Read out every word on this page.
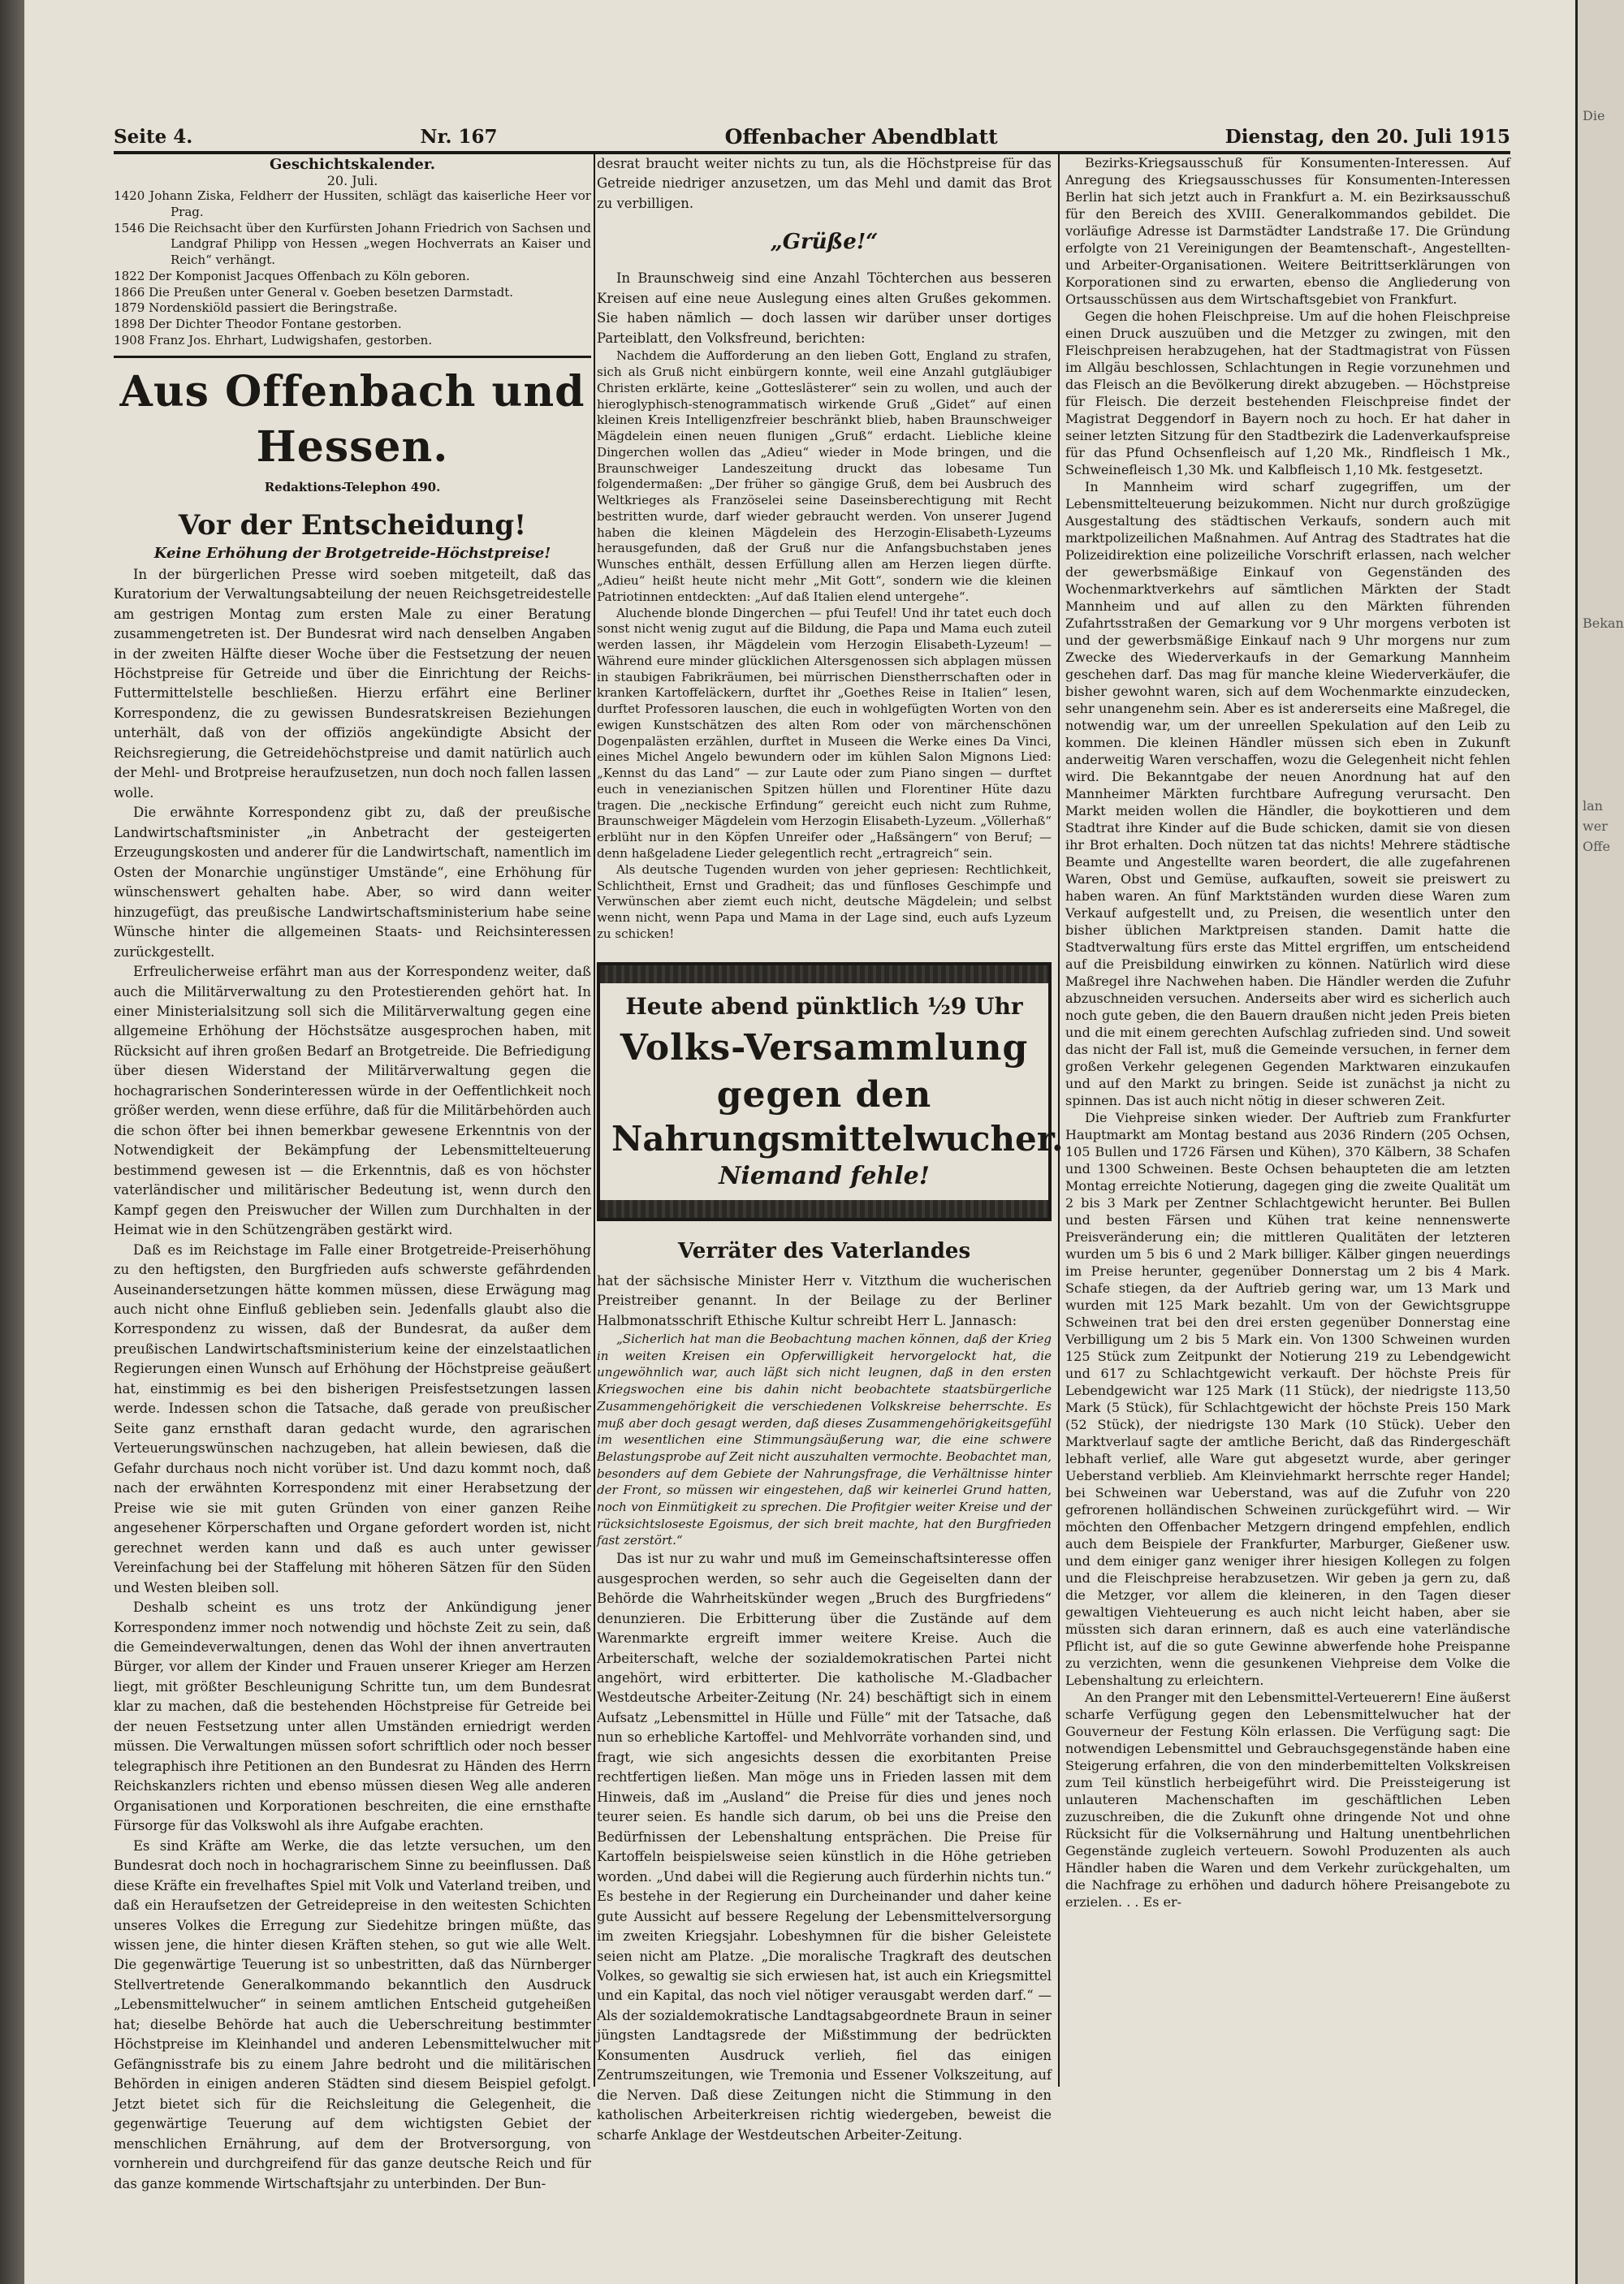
Seite 4.	Nr. 167	Offenbacher Abendblatt	Dienstag, den 20. Juli 1915
Geschichtskalender.
20. Juli.

1420 Johann Ziska, Feldherr der Hussiten, schlägt das kaiserliche Heer vor Prag.

1546 Die Reichsacht über den Kurfürsten Johann Friedrich von Sachsen und Landgraf Philipp von Hessen „wegen Hochverrats an Kaiser und Reich“ verhängt.

1822 Der Komponist Jacques Offenbach zu Köln geboren.

1866 Die Preußen unter General v. Goeben besetzen Darmstadt.

1879 Nordenskiöld passiert die Beringstraße.

1898 Der Dichter Theodor Fontane gestorben.

1908 Franz Jos. Ehrhart, Ludwigshafen, gestorben.

Aus Offenbach und Hessen.
Redaktions-Telephon 490.
Vor der Entscheidung!
Keine Erhöhung der Brotgetreide-Höchstpreise!

In der bürgerlichen Presse wird soeben mitgeteilt, daß das Kuratorium der Verwaltungsabteilung der neuen Reichsgetreidestelle am gestrigen Montag zum ersten Male zu einer Beratung zusammengetreten ist. Der Bundesrat wird nach denselben Angaben in der zweiten Hälfte dieser Woche über die Festsetzung der neuen Höchstpreise für Getreide und über die Einrichtung der Reichs-Futtermittelstelle beschließen. Hierzu erfährt eine Berliner Korrespondenz, die zu gewissen Bundesratskreisen Beziehungen unterhält, daß von der offiziös angekündigte Absicht der Reichsregierung, die Getreidehöchstpreise und damit natürlich auch der Mehl- und Brotpreise heraufzusetzen, nun doch noch fallen lassen wolle.

Die erwähnte Korrespondenz gibt zu, daß der preußische Landwirtschaftsminister „in Anbetracht der gesteigerten Erzeugungskosten und anderer für die Landwirtschaft, namentlich im Osten der Monarchie ungünstiger Umstände“, eine Erhöhung für wünschenswert gehalten habe. Aber, so wird dann weiter hinzugefügt, das preußische Landwirtschaftsministerium habe seine Wünsche hinter die allgemeinen Staats- und Reichsinteressen zurückgestellt.

Erfreulicherweise erfährt man aus der Korrespondenz weiter, daß auch die Militärverwaltung zu den Protestierenden gehört hat. In einer Ministerialsitzung soll sich die Militärverwaltung gegen eine allgemeine Erhöhung der Höchstsätze ausgesprochen haben, mit Rücksicht auf ihren großen Bedarf an Brotgetreide. Die Befriedigung über diesen Widerstand der Militärverwaltung gegen die hochagrarischen Sonderinteressen würde in der Oeffentlichkeit noch größer werden, wenn diese erführe, daß für die Militärbehörden auch die schon öfter bei ihnen bemerkbar gewesene Erkenntnis von der Notwendigkeit der Bekämpfung der Lebensmittelteuerung bestimmend gewesen ist — die Erkenntnis, daß es von höchster vaterländischer und militärischer Bedeutung ist, wenn durch den Kampf gegen den Preiswucher der Willen zum Durchhalten in der Heimat wie in den Schützengräben gestärkt wird.

Daß es im Reichstage im Falle einer Brotgetreide-Preiserhöhung zu den heftigsten, den Burgfrieden aufs schwerste gefährdenden Auseinandersetzungen hätte kommen müssen, diese Erwägung mag auch nicht ohne Einfluß geblieben sein. Jedenfalls glaubt also die Korrespondenz zu wissen, daß der Bundesrat, da außer dem preußischen Landwirtschaftsministerium keine der einzelstaatlichen Regierungen einen Wunsch auf Erhöhung der Höchstpreise geäußert hat, einstimmig es bei den bisherigen Preisfestsetzungen lassen werde. Indessen schon die Tatsache, daß gerade von preußischer Seite ganz ernsthaft daran gedacht wurde, den agrarischen Verteuerungswünschen nachzugeben, hat allein bewiesen, daß die Gefahr durchaus noch nicht vorüber ist. Und dazu kommt noch, daß nach der erwähnten Korrespondenz mit einer Herabsetzung der Preise wie sie mit guten Gründen von einer ganzen Reihe angesehener Körperschaften und Organe gefordert worden ist, nicht gerechnet werden kann und daß es auch unter gewisser Vereinfachung bei der Staffelung mit höheren Sätzen für den Süden und Westen bleiben soll.

Deshalb scheint es uns trotz der Ankündigung jener Korrespondenz immer noch notwendig und höchste Zeit zu sein, daß die Gemeindeverwaltungen, denen das Wohl der ihnen anvertrauten Bürger, vor allem der Kinder und Frauen unserer Krieger am Herzen liegt, mit größter Beschleunigung Schritte tun, um dem Bundesrat klar zu machen, daß die bestehenden Höchstpreise für Getreide bei der neuen Festsetzung unter allen Umständen erniedrigt werden müssen. Die Verwaltungen müssen sofort schriftlich oder noch besser telegraphisch ihre Petitionen an den Bundesrat zu Händen des Herrn Reichskanzlers richten und ebenso müssen diesen Weg alle anderen Organisationen und Korporationen beschreiten, die eine ernsthafte Fürsorge für das Volkswohl als ihre Aufgabe erachten.

Es sind Kräfte am Werke, die das letzte versuchen, um den Bundesrat doch noch in hochagrarischem Sinne zu beeinflussen. Daß diese Kräfte ein frevelhaftes Spiel mit Volk und Vaterland treiben, und daß ein Heraufsetzen der Getreidepreise in den weitesten Schichten unseres Volkes die Erregung zur Siedehitze bringen müßte, das wissen jene, die hinter diesen Kräften stehen, so gut wie alle Welt. Die gegenwärtige Teuerung ist so unbestritten, daß das Nürnberger Stellvertretende Generalkommando bekanntlich den Ausdruck „Lebensmittelwucher“ in seinem amtlichen Entscheid gutgeheißen hat; dieselbe Behörde hat auch die Ueberschreitung bestimmter Höchstpreise im Kleinhandel und anderen Lebensmittelwucher mit Gefängnisstrafe bis zu einem Jahre bedroht und die militärischen Behörden in einigen anderen Städten sind diesem Beispiel gefolgt. Jetzt bietet sich für die Reichsleitung die Gelegenheit, die gegenwärtige Teuerung auf dem wichtigsten Gebiet der menschlichen Ernährung, auf dem der Brotversorgung, von vornherein und durchgreifend für das ganze deutsche Reich und für das ganze kommende Wirtschaftsjahr zu unterbinden. Der Bun-

desrat braucht weiter nichts zu tun, als die Höchstpreise für das Getreide niedriger anzusetzen, um das Mehl und damit das Brot zu verbilligen.

„Grüße!“

In Braunschweig sind eine Anzahl Töchterchen aus besseren Kreisen auf eine neue Auslegung eines alten Grußes gekommen. Sie haben nämlich — doch lassen wir darüber unser dortiges Parteiblatt, den Volksfreund, berichten:

Nachdem die Aufforderung an den lieben Gott, England zu strafen, sich als Gruß nicht einbürgern konnte, weil eine Anzahl gutgläubiger Christen erklärte, keine „Gotteslästerer“ sein zu wollen, und auch der hieroglyphisch-stenogrammatisch wirkende Gruß „Gidet“ auf einen kleinen Kreis Intelligenzfreier beschränkt blieb, haben Braunschweiger Mägdelein einen neuen flunigen „Gruß“ erdacht. Liebliche kleine Dingerchen wollen das „Adieu“ wieder in Mode bringen, und die Braunschweiger Landeszeitung druckt das lobesame Tun folgendermaßen: „Der früher so gängige Gruß, dem bei Ausbruch des Weltkrieges als Französelei seine Daseinsberechtigung mit Recht bestritten wurde, darf wieder gebraucht werden. Von unserer Jugend haben die kleinen Mägdelein des Herzogin-Elisabeth-Lyzeums herausgefunden, daß der Gruß nur die Anfangsbuchstaben jenes Wunsches enthält, dessen Erfüllung allen am Herzen liegen dürfte. „Adieu“ heißt heute nicht mehr „Mit Gott“, sondern wie die kleinen Patriotinnen entdeckten: „Auf daß Italien elend untergehe“.

Aluchende blonde Dingerchen — pfui Teufel! Und ihr tatet euch doch sonst nicht wenig zugut auf die Bildung, die Papa und Mama euch zuteil werden lassen, ihr Mägdelein vom Herzogin Elisabeth-Lyzeum! — Während eure minder glücklichen Altersgenossen sich abplagen müssen in staubigen Fabrikräumen, bei mürrischen Dienstherrschaften oder in kranken Kartoffeläckern, durftet ihr „Goethes Reise in Italien“ lesen, durftet Professoren lauschen, die euch in wohlgefügten Worten von den ewigen Kunstschätzen des alten Rom oder von märchenschönen Dogenpalästen erzählen, durftet in Museen die Werke eines Da Vinci, eines Michel Angelo bewundern oder im kühlen Salon Mignons Lied: „Kennst du das Land“ — zur Laute oder zum Piano singen — durftet euch in venezianischen Spitzen hüllen und Florentiner Hüte dazu tragen. Die „neckische Erfindung“ gereicht euch nicht zum Ruhme, Braunschweiger Mägdelein vom Herzogin Elisabeth-Lyzeum. „Völlerhaß“ erblüht nur in den Köpfen Unreifer oder „Haßsängern“ von Beruf; — denn haßgeladene Lieder gelegentlich recht „ertragreich“ sein.

Als deutsche Tugenden wurden von jeher gepriesen: Rechtlichkeit, Schlichtheit, Ernst und Gradheit; das und fünfloses Geschimpfe und Verwünschen aber ziemt euch nicht, deutsche Mägdelein; und selbst wenn nicht, wenn Papa und Mama in der Lage sind, euch aufs Lyzeum zu schicken!

Heute abend pünktlich ½9 Uhr
Volks-Versammlung gegen den
Nahrungsmittelwucher.
Niemand fehle!
Verräter des Vaterlandes

hat der sächsische Minister Herr v. Vitzthum die wucherischen Preistreiber genannt. In der Beilage zu der Berliner Halbmonatsschrift Ethische Kultur schreibt Herr L. Jannasch:

„Sicherlich hat man die Beobachtung machen können, daß der Krieg in weiten Kreisen ein Opferwilligkeit hervorgelockt hat, die ungewöhnlich war, auch läßt sich nicht leugnen, daß in den ersten Kriegswochen eine bis dahin nicht beobachtete staatsbürgerliche Zusammengehörigkeit die verschiedenen Volkskreise beherrschte. Es muß aber doch gesagt werden, daß dieses Zusammengehörigkeitsgefühl im wesentlichen eine Stimmungsäußerung war, die eine schwere Belastungsprobe auf Zeit nicht auszuhalten vermochte. Beobachtet man, besonders auf dem Gebiete der Nahrungsfrage, die Verhältnisse hinter der Front, so müssen wir eingestehen, daß wir keinerlei Grund hatten, noch von Einmütigkeit zu sprechen. Die Profitgier weiter Kreise und der rücksichtsloseste Egoismus, der sich breit machte, hat den Burgfrieden fast zerstört.“

Das ist nur zu wahr und muß im Gemeinschaftsinteresse offen ausgesprochen werden, so sehr auch die Gegeiselten dann der Behörde die Wahrheitskünder wegen „Bruch des Burgfriedens“ denunzieren. Die Erbitterung über die Zustände auf dem Warenmarkte ergreift immer weitere Kreise. Auch die Arbeiterschaft, welche der sozialdemokratischen Partei nicht angehört, wird erbitterter. Die katholische M.-Gladbacher Westdeutsche Arbeiter-Zeitung (Nr. 24) beschäftigt sich in einem Aufsatz „Lebensmittel in Hülle und Fülle“ mit der Tatsache, daß nun so erhebliche Kartoffel- und Mehlvorräte vorhanden sind, und fragt, wie sich angesichts dessen die exorbitanten Preise rechtfertigen ließen. Man möge uns in Frieden lassen mit dem Hinweis, daß im „Ausland“ die Preise für dies und jenes noch teurer seien. Es handle sich darum, ob bei uns die Preise den Bedürfnissen der Lebenshaltung entsprächen. Die Preise für Kartoffeln beispielsweise seien künstlich in die Höhe getrieben worden. „Und dabei will die Regierung auch fürderhin nichts tun.“ Es bestehe in der Regierung ein Durcheinander und daher keine gute Aussicht auf bessere Regelung der Lebensmittelversorgung im zweiten Kriegsjahr. Lobeshymnen für die bisher Geleistete seien nicht am Platze. „Die moralische Tragkraft des deutschen Volkes, so gewaltig sie sich erwiesen hat, ist auch ein Kriegsmittel und ein Kapital, das noch viel nötiger verausgabt werden darf.“ — Als der sozialdemokratische Landtagsabgeordnete Braun in seiner jüngsten Landtagsrede der Mißstimmung der bedrückten Konsumenten Ausdruck verlieh, fiel das einigen Zentrumszeitungen, wie Tremonia und Essener Volkszeitung, auf die Nerven. Daß diese Zeitungen nicht die Stimmung in den katholischen Arbeiterkreisen richtig wiedergeben, beweist die scharfe Anklage der Westdeutschen Arbeiter-Zeitung.

Bezirks-Kriegsausschuß für Konsumenten-Interessen. Auf Anregung des Kriegsausschusses für Konsumenten-Interessen Berlin hat sich jetzt auch in Frankfurt a. M. ein Bezirksausschuß für den Bereich des XVIII. Generalkommandos gebildet. Die vorläufige Adresse ist Darmstädter Landstraße 17. Die Gründung erfolgte von 21 Vereinigungen der Beamtenschaft-, Angestellten- und Arbeiter-Organisationen. Weitere Beitrittserklärungen von Korporationen sind zu erwarten, ebenso die Angliederung von Ortsausschüssen aus dem Wirtschaftsgebiet von Frankfurt.

Gegen die hohen Fleischpreise. Um auf die hohen Fleischpreise einen Druck auszuüben und die Metzger zu zwingen, mit den Fleischpreisen herabzugehen, hat der Stadtmagistrat von Füssen im Allgäu beschlossen, Schlachtungen in Regie vorzunehmen und das Fleisch an die Bevölkerung direkt abzugeben. — Höchstpreise für Fleisch. Die derzeit bestehenden Fleischpreise findet der Magistrat Deggendorf in Bayern noch zu hoch. Er hat daher in seiner letzten Sitzung für den Stadtbezirk die Ladenverkaufspreise für das Pfund Ochsenfleisch auf 1,20 Mk., Rindfleisch 1 Mk., Schweinefleisch 1,30 Mk. und Kalbfleisch 1,10 Mk. festgesetzt.

In Mannheim wird scharf zugegriffen, um der Lebensmittelteuerung beizukommen. Nicht nur durch großzügige Ausgestaltung des städtischen Verkaufs, sondern auch mit marktpolizeilichen Maßnahmen. Auf Antrag des Stadtrates hat die Polizeidirektion eine polizeiliche Vorschrift erlassen, nach welcher der gewerbsmäßige Einkauf von Gegenständen des Wochenmarktverkehrs auf sämtlichen Märkten der Stadt Mannheim und auf allen zu den Märkten führenden Zufahrtsstraßen der Gemarkung vor 9 Uhr morgens verboten ist und der gewerbsmäßige Einkauf nach 9 Uhr morgens nur zum Zwecke des Wiederverkaufs in der Gemarkung Mannheim geschehen darf. Das mag für manche kleine Wiederverkäufer, die bisher gewohnt waren, sich auf dem Wochenmarkte einzudecken, sehr unangenehm sein. Aber es ist andererseits eine Maßregel, die notwendig war, um der unreellen Spekulation auf den Leib zu kommen. Die kleinen Händler müssen sich eben in Zukunft anderweitig Waren verschaffen, wozu die Gelegenheit nicht fehlen wird. Die Bekanntgabe der neuen Anordnung hat auf den Mannheimer Märkten furchtbare Aufregung verursacht. Den Markt meiden wollen die Händler, die boykottieren und dem Stadtrat ihre Kinder auf die Bude schicken, damit sie von diesen ihr Brot erhalten. Doch nützen tat das nichts! Mehrere städtische Beamte und Angestellte waren beordert, die alle zugefahrenen Waren, Obst und Gemüse, aufkauften, soweit sie preiswert zu haben waren. An fünf Marktständen wurden diese Waren zum Verkauf aufgestellt und, zu Preisen, die wesentlich unter den bisher üblichen Marktpreisen standen. Damit hatte die Stadtverwaltung fürs erste das Mittel ergriffen, um entscheidend auf die Preisbildung einwirken zu können. Natürlich wird diese Maßregel ihre Nachwehen haben. Die Händler werden die Zufuhr abzuschneiden versuchen. Anderseits aber wird es sicherlich auch noch gute geben, die den Bauern draußen nicht jeden Preis bieten und die mit einem gerechten Aufschlag zufrieden sind. Und soweit das nicht der Fall ist, muß die Gemeinde versuchen, in ferner dem großen Verkehr gelegenen Gegenden Marktwaren einzukaufen und auf den Markt zu bringen. Seide ist zunächst ja nicht zu spinnen. Das ist auch nicht nötig in dieser schweren Zeit.

Die Viehpreise sinken wieder. Der Auftrieb zum Frankfurter Hauptmarkt am Montag bestand aus 2036 Rindern (205 Ochsen, 105 Bullen und 1726 Färsen und Kühen), 370 Kälbern, 38 Schafen und 1300 Schweinen. Beste Ochsen behaupteten die am letzten Montag erreichte Notierung, dagegen ging die zweite Qualität um 2 bis 3 Mark per Zentner Schlachtgewicht herunter. Bei Bullen und besten Färsen und Kühen trat keine nennenswerte Preisveränderung ein; die mittleren Qualitäten der letzteren wurden um 5 bis 6 und 2 Mark billiger. Kälber gingen neuerdings im Preise herunter, gegenüber Donnerstag um 2 bis 4 Mark. Schafe stiegen, da der Auftrieb gering war, um 13 Mark und wurden mit 125 Mark bezahlt. Um von der Gewichtsgruppe Schweinen trat bei den drei ersten gegenüber Donnerstag eine Verbilligung um 2 bis 5 Mark ein. Von 1300 Schweinen wurden 125 Stück zum Zeitpunkt der Notierung 219 zu Lebendgewicht und 617 zu Schlachtgewicht verkauft. Der höchste Preis für Lebendgewicht war 125 Mark (11 Stück), der niedrigste 113,50 Mark (5 Stück), für Schlachtgewicht der höchste Preis 150 Mark (52 Stück), der niedrigste 130 Mark (10 Stück). Ueber den Marktverlauf sagte der amtliche Bericht, daß das Rindergeschäft lebhaft verlief, alle Ware gut abgesetzt wurde, aber geringer Ueberstand verblieb. Am Kleinviehmarkt herrschte reger Handel; bei Schweinen war Ueberstand, was auf die Zufuhr von 220 gefrorenen holländischen Schweinen zurückgeführt wird. — Wir möchten den Offenbacher Metzgern dringend empfehlen, endlich auch dem Beispiele der Frankfurter, Marburger, Gießener usw. und dem einiger ganz weniger ihrer hiesigen Kollegen zu folgen und die Fleischpreise herabzusetzen. Wir geben ja gern zu, daß die Metzger, vor allem die kleineren, in den Tagen dieser gewaltigen Viehteuerung es auch nicht leicht haben, aber sie müssten sich daran erinnern, daß es auch eine vaterländische Pflicht ist, auf die so gute Gewinne abwerfende hohe Preispanne zu verzichten, wenn die gesunkenen Viehpreise dem Volke die Lebenshaltung zu erleichtern.

An den Pranger mit den Lebensmittel-Verteuerern! Eine äußerst scharfe Verfügung gegen den Lebensmittelwucher hat der Gouverneur der Festung Köln erlassen. Die Verfügung sagt: Die notwendigen Lebensmittel und Gebrauchsgegenstände haben eine Steigerung erfahren, die von den minderbemittelten Volkskreisen zum Teil künstlich herbeigeführt wird. Die Preissteigerung ist unlauteren Machenschaften im geschäftlichen Leben zuzuschreiben, die die Zukunft ohne dringende Not und ohne Rücksicht für die Volksernährung und Haltung unentbehrlichen Gegenstände zugleich verteuern. Sowohl Produzenten als auch Händler haben die Waren und dem Verkehr zurückgehalten, um die Nachfrage zu erhöhen und dadurch höhere Preisangebote zu erzielen. . . Es er-

Die
Bekan
lan
wer
Offe
